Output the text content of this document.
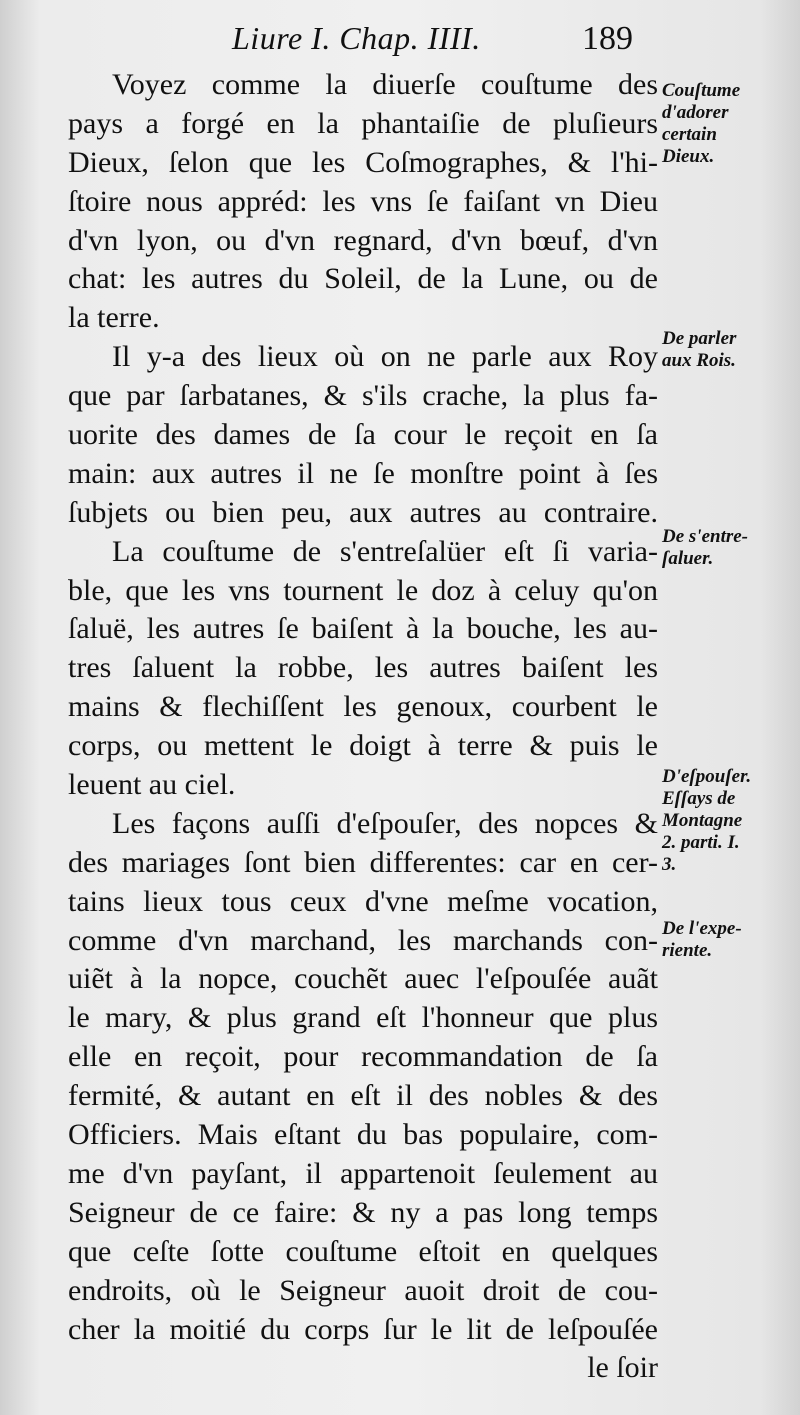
Liure I. Chap. IIII.	189
Voyez comme la diuerſe couſtume des
pays a forgé en la phantaiſie de pluſieurs
Dieux, ſelon que les Coſmographes, & l'hi-
ſtoire nous appréd: les vns ſe faiſant vn Dieu
d'vn lyon, ou d'vn regnard, d'vn bœuf, d'vn
chat: les autres du Soleil, de la Lune, ou de
la terre.
Il y-a des lieux où on ne parle aux Roy
que par ſarbatanes, & s'ils crache, la plus fa-
uorite des dames de ſa cour le reçoit en ſa
main: aux autres il ne ſe monſtre point à ſes
ſubjets ou bien peu, aux autres au contraire.
La couſtume de s'entreſalüer eſt ſi varia-
ble, que les vns tournent le doz à celuy qu'on
ſaluë, les autres ſe baiſent à la bouche, les au-
tres ſaluent la robbe, les autres baiſent les
mains & flechiſſent les genoux, courbent le
corps, ou mettent le doigt à terre & puis le
leuent au ciel.
Les façons auſſi d'eſpouſer, des nopces &
des mariages ſont bien differentes: car en cer-
tains lieux tous ceux d'vne meſme vocation,
comme d'vn marchand, les marchands con-
uiẽt à la nopce, couchẽt auec l'eſpouſée auãt
le mary, & plus grand eſt l'honneur que plus
elle en reçoit, pour recommandation de ſa
fermité, & autant en eſt il des nobles & des
Officiers. Mais eſtant du bas populaire, com-
me d'vn payſant, il appartenoit ſeulement au
Seigneur de ce faire: & ny a pas long temps
que ceſte ſotte couſtume eſtoit en quelques
endroits, où le Seigneur auoit droit de cou-
cher la moitié du corps ſur le lit de leſpouſée
le ſoir
Couſtume
d'adorer
certain
Dieux.
De parler
aux Rois.
De s'entre-
ſaluer.
D'eſpouſer.
Eſſays de
Montagne
2. parti. I.
3.
De l'expe-
riente.
